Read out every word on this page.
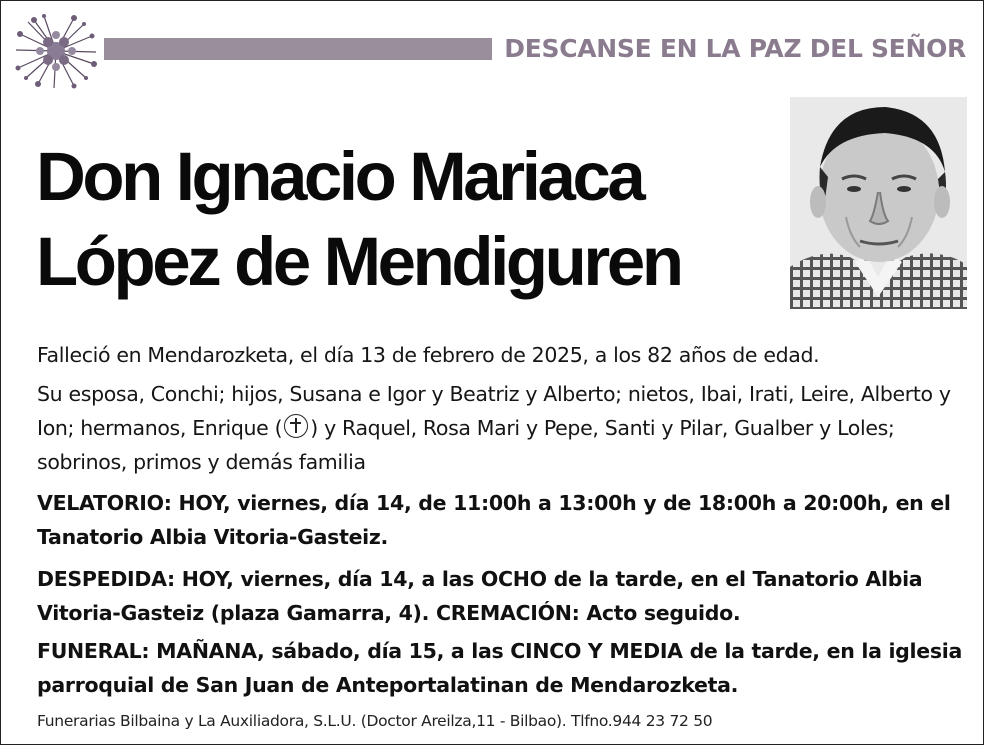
DESCANSE EN LA PAZ DEL SEÑOR
Don Ignacio Mariaca
López de Mendiguren
Falleció en Mendarozketa, el día 13 de febrero de 2025, a los 82 años de edad.
Su esposa, Conchi; hijos, Susana e Igor y Beatriz y Alberto; nietos, Ibai, Irati, Leire, Alberto y Ion; hermanos, Enrique ( ) y Raquel, Rosa Mari y Pepe, Santi y Pilar, Gualber y Loles; sobrinos, primos y demás familia
VELATORIO: HOY, viernes, día 14, de 11:00h a 13:00h y de 18:00h a 20:00h, en el Tanatorio Albia Vitoria-Gasteiz.
DESPEDIDA: HOY, viernes, día 14, a las OCHO de la tarde, en el Tanatorio Albia Vitoria-Gasteiz (plaza Gamarra, 4). CREMACIÓN: Acto seguido.
FUNERAL: MAÑANA, sábado, día 15, a las CINCO Y MEDIA de la tarde, en la iglesia parroquial de San Juan de Anteportalatinan de Mendarozketa.
Funerarias Bilbaina y La Auxiliadora, S.L.U. (Doctor Areilza,11 - Bilbao). Tlfno.944 23 72 50
